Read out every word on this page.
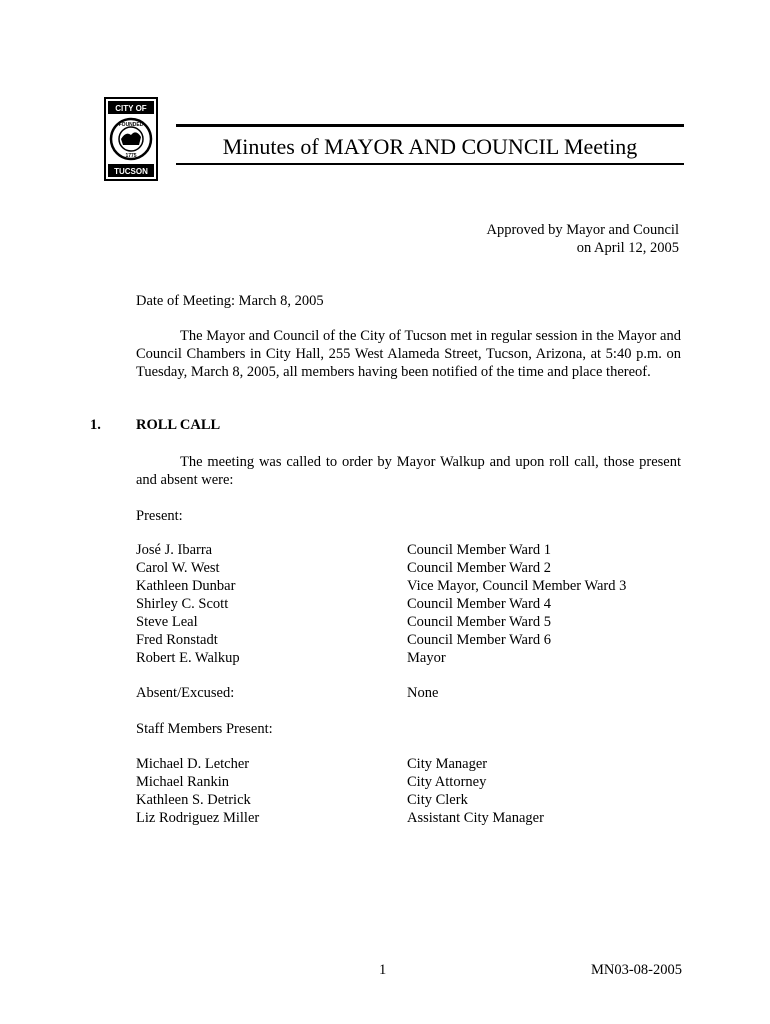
CITY OF
FOUNDED
1775
TUCSON
Minutes of MAYOR AND COUNCIL Meeting
Approved by Mayor and Council
on April 12, 2005
Date of Meeting: March 8, 2005
The Mayor and Council of the City of Tucson met in regular session in the Mayor and Council Chambers in City Hall, 255 West Alameda Street, Tucson, Arizona, at 5:40 p.m. on Tuesday, March 8, 2005, all members having been notified of the time and place thereof.
1. ROLL CALL
The meeting was called to order by Mayor Walkup and upon roll call, those present and absent were:
Present:
José J. Ibarra
Carol W. West
Kathleen Dunbar
Shirley C. Scott
Steve Leal
Fred Ronstadt
Robert E. Walkup
Council Member Ward 1
Council Member Ward 2
Vice Mayor, Council Member Ward 3
Council Member Ward 4
Council Member Ward 5
Council Member Ward 6
Mayor
Absent/Excused:	None
Staff Members Present:
Michael D. Letcher
Michael Rankin
Kathleen S. Detrick
Liz Rodriguez Miller
City Manager
City Attorney
City Clerk
Assistant City Manager
1	MN03-08-2005
